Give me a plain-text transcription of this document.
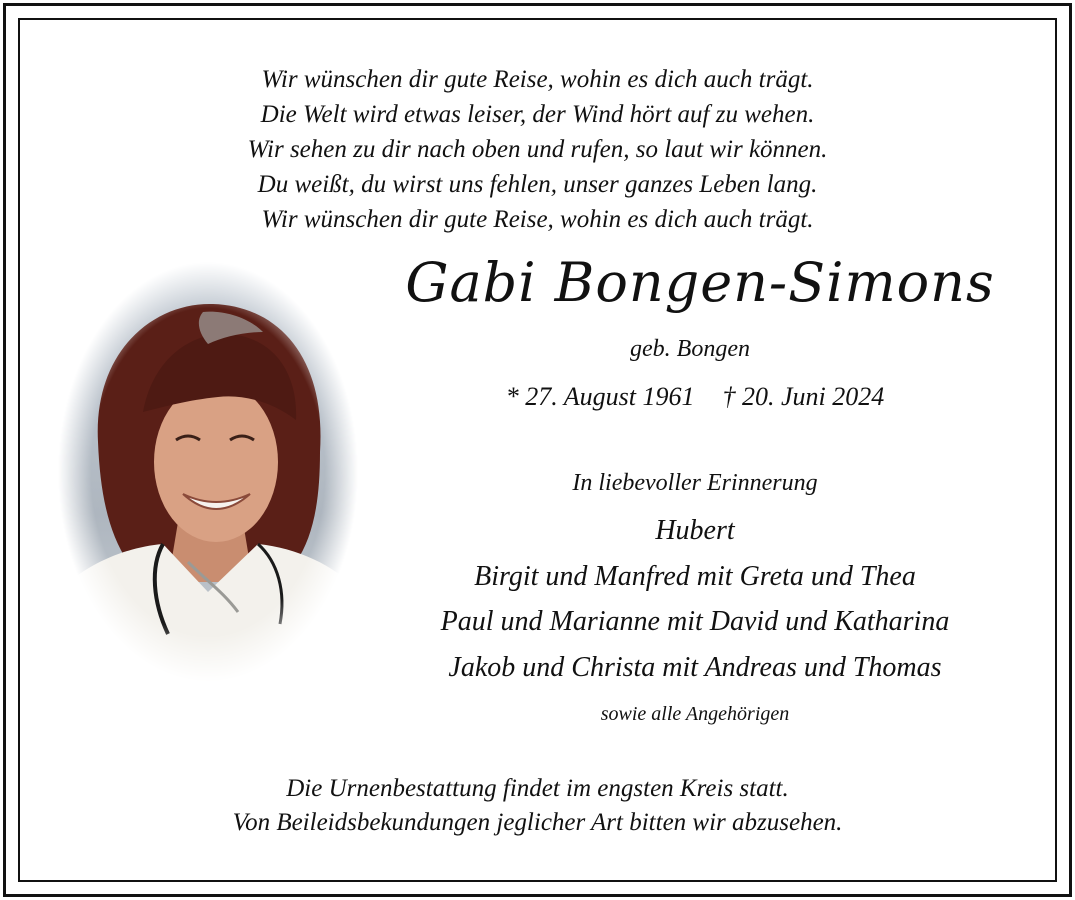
Wir wünschen dir gute Reise, wohin es dich auch trägt.
Die Welt wird etwas leiser, der Wind hört auf zu wehen.
Wir sehen zu dir nach oben und rufen, so laut wir können.
Du weißt, du wirst uns fehlen, unser ganzes Leben lang.
Wir wünschen dir gute Reise, wohin es dich auch trägt.
Gabi Bongen-Simons
geb. Bongen
* 27. August 1961 † 20. Juni 2024
In liebevoller Erinnerung
Hubert
Birgit und Manfred mit Greta und Thea
Paul und Marianne mit David und Katharina
Jakob und Christa mit Andreas und Thomas
sowie alle Angehörigen
Die Urnenbestattung findet im engsten Kreis statt.
Von Beileidsbekundungen jeglicher Art bitten wir abzusehen.
